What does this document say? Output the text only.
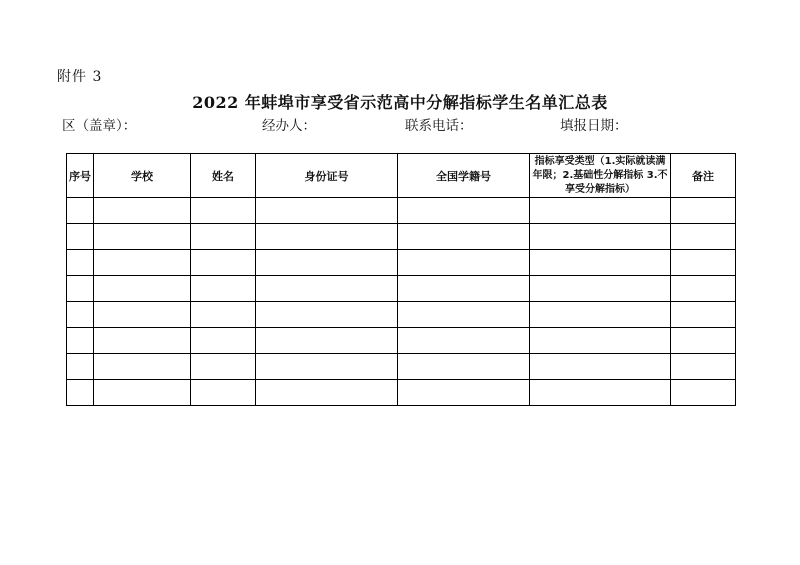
附件 3
2022 年蚌埠市享受省示范高中分解指标学生名单汇总表
区（盖章）：	经办人：	联系电话：	填报日期：
序号	学校	姓名	身份证号	全国学籍号	指标享受类型（1.实际就读满年限；2.基础性分解指标 3.不享受分解指标）	备注
